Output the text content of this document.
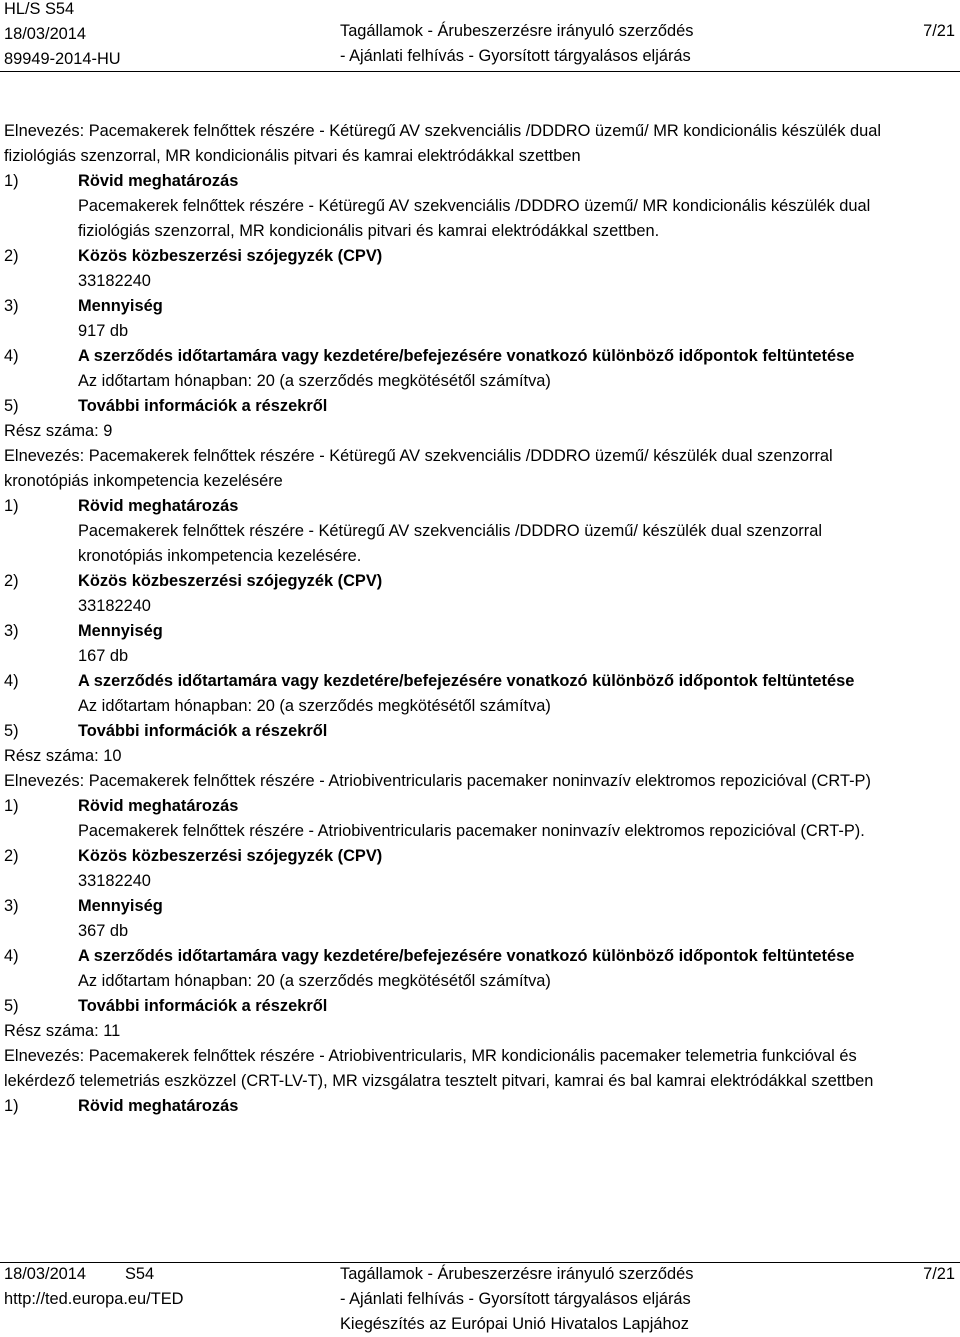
HL/S S54
18/03/2014
89949-2014-HU
Tagállamok - Árubeszerzésre irányuló szerződés
- Ajánlati felhívás - Gyorsított tárgyalásos eljárás
7/21
Elnevezés: Pacemakerek felnőttek részére - Kétüregű AV szekvenciális /DDDRO üzemű/ MR kondicionális készülék dual
fiziológiás szenzorral, MR kondicionális pitvari és kamrai elektródákkal szettben
1)	Rövid meghatározás
Pacemakerek felnőttek részére - Kétüregű AV szekvenciális /DDDRO üzemű/ MR kondicionális készülék dual
fiziológiás szenzorral, MR kondicionális pitvari és kamrai elektródákkal szettben.
2)	Közös közbeszerzési szójegyzék (CPV)
33182240
3)	Mennyiség
917 db
4)	A szerződés időtartamára vagy kezdetére/befejezésére vonatkozó különböző időpontok feltüntetése
Az időtartam hónapban: 20 (a szerződés megkötésétől számítva)
5)	További információk a részekről
Rész száma: 9
Elnevezés: Pacemakerek felnőttek részére - Kétüregű AV szekvenciális /DDDRO üzemű/ készülék dual szenzorral
kronotópiás inkompetencia kezelésére
1)	Rövid meghatározás
Pacemakerek felnőttek részére - Kétüregű AV szekvenciális /DDDRO üzemű/ készülék dual szenzorral
kronotópiás inkompetencia kezelésére.
2)	Közös közbeszerzési szójegyzék (CPV)
33182240
3)	Mennyiség
167 db
4)	A szerződés időtartamára vagy kezdetére/befejezésére vonatkozó különböző időpontok feltüntetése
Az időtartam hónapban: 20 (a szerződés megkötésétől számítva)
5)	További információk a részekről
Rész száma: 10
Elnevezés: Pacemakerek felnőttek részére - Atriobiventricularis pacemaker noninvazív elektromos repozicióval (CRT-P)
1)	Rövid meghatározás
Pacemakerek felnőttek részére - Atriobiventricularis pacemaker noninvazív elektromos repozicióval (CRT-P).
2)	Közös közbeszerzési szójegyzék (CPV)
33182240
3)	Mennyiség
367 db
4)	A szerződés időtartamára vagy kezdetére/befejezésére vonatkozó különböző időpontok feltüntetése
Az időtartam hónapban: 20 (a szerződés megkötésétől számítva)
5)	További információk a részekről
Rész száma: 11
Elnevezés: Pacemakerek felnőttek részére - Atriobiventricularis, MR kondicionális pacemaker telemetria funkcióval és
lekérdező telemetriás eszközzel (CRT-LV-T), MR vizsgálatra tesztelt pitvari, kamrai és bal kamrai elektródákkal szettben
1)	Rövid meghatározás
18/03/2014 S54
http://ted.europa.eu/TED
Tagállamok - Árubeszerzésre irányuló szerződés
- Ajánlati felhívás - Gyorsított tárgyalásos eljárás
Kiegészítés az Európai Unió Hivatalos Lapjához
7/21
